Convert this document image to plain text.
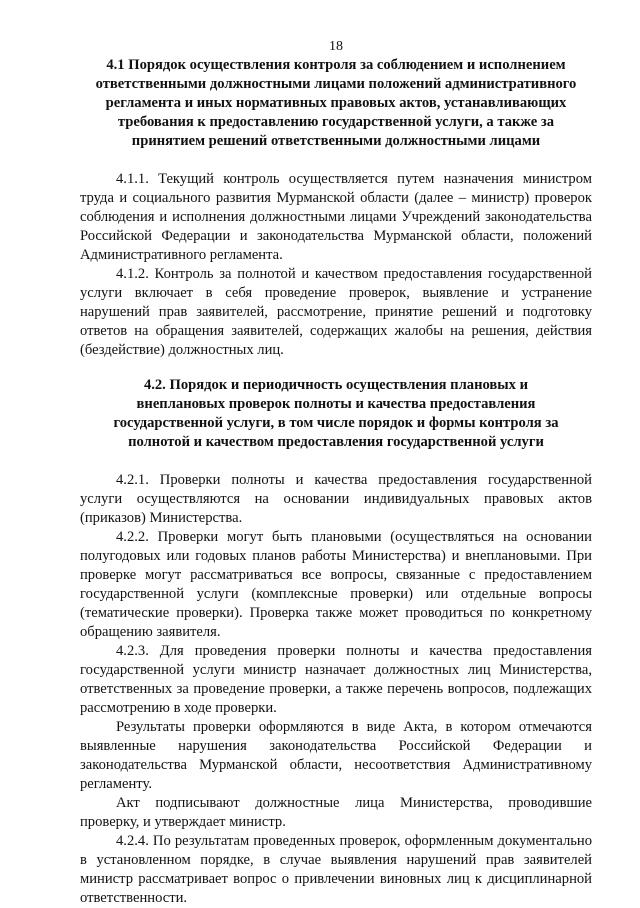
18
4.1 Порядок осуществления контроля за соблюдением и исполнением ответственными должностными лицами положений административного регламента и иных нормативных правовых актов, устанавливающих требования к предоставлению государственной услуги, а также за принятием решений ответственными должностными лицами

4.1.1. Текущий контроль осуществляется путем назначения министром труда и социального развития Мурманской области (далее – министр) проверок соблюдения и исполнения должностными лицами Учреждений законодательства Российской Федерации и законодательства Мурманской области, положений Административного регламента.

4.1.2. Контроль за полнотой и качеством предоставления государственной услуги включает в себя проведение проверок, выявление и устранение нарушений прав заявителей, рассмотрение, принятие решений и подготовку ответов на обращения заявителей, содержащих жалобы на решения, действия (бездействие) должностных лиц.

4.2. Порядок и периодичность осуществления плановых и внеплановых проверок полноты и качества предоставления государственной услуги, в том числе порядок и формы контроля за полнотой и качеством предоставления государственной услуги

4.2.1. Проверки полноты и качества предоставления государственной услуги осуществляются на основании индивидуальных правовых актов (приказов) Министерства.

4.2.2. Проверки могут быть плановыми (осуществляться на основании полугодовых или годовых планов работы Министерства) и внеплановыми. При проверке могут рассматриваться все вопросы, связанные с предоставлением государственной услуги (комплексные проверки) или отдельные вопросы (тематические проверки). Проверка также может проводиться по конкретному обращению заявителя.

4.2.3. Для проведения проверки полноты и качества предоставления государственной услуги министр назначает должностных лиц Министерства, ответственных за проведение проверки, а также перечень вопросов, подлежащих рассмотрению в ходе проверки.

Результаты проверки оформляются в виде Акта, в котором отмечаются выявленные нарушения законодательства Российской Федерации и законодательства Мурманской области, несоответствия Административному регламенту.

Акт подписывают должностные лица Министерства, проводившие проверку, и утверждает министр.

4.2.4. По результатам проведенных проверок, оформленным документально в установленном порядке, в случае выявления нарушений прав заявителей министр рассматривает вопрос о привлечении виновных лиц к дисциплинарной ответственности.
